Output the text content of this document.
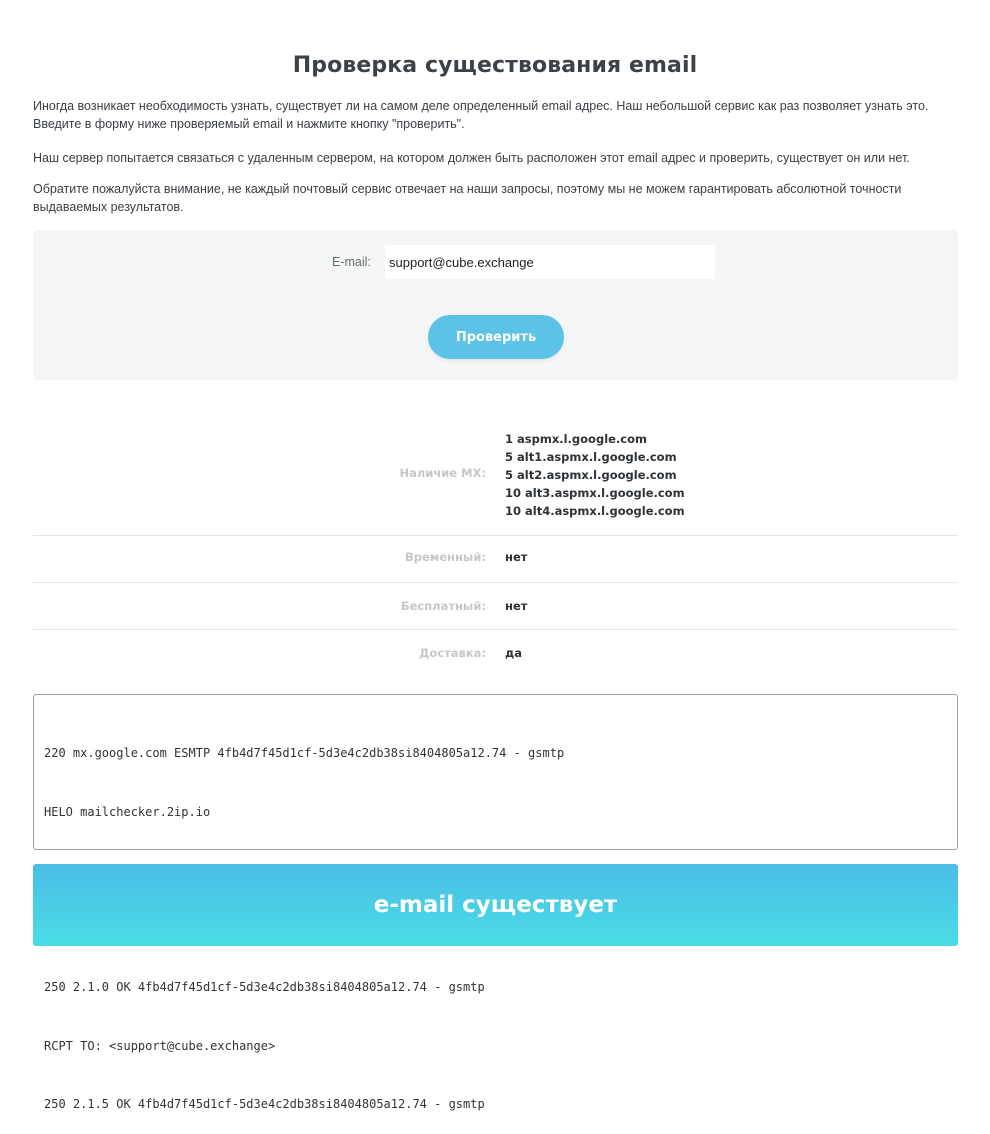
Проверка существования email

Иногда возникает необходимость узнать, существует ли на самом деле определенный email адрес. Наш небольшой сервис как раз позволяет узнать это. Введите в форму ниже проверяемый email и нажмите кнопку "проверить".

Наш сервер попытается связаться с удаленным сервером, на котором должен быть расположен этот email адрес и проверить, существует он или нет.

Обратите пожалуйста внимание, не каждый почтовый сервис отвечает на наши запросы, поэтому мы не можем гарантировать абсолютной точности выдаваемых результатов.

E-mail:
support@cube.exchange
Проверить
Наличие MX:
1 aspmx.l.google.com
5 alt1.aspmx.l.google.com
5 alt2.aspmx.l.google.com
10 alt3.aspmx.l.google.com
10 alt4.aspmx.l.google.com
Временный: нет
Бесплатный: нет
Доставка: да

220 mx.google.com ESMTP 4fb4d7f45d1cf-5d3e4c2db38si8404805a12.74 - gsmtp

HELO mailchecker.2ip.io

250 2.1.0 OK 4fb4d7f45d1cf-5d3e4c2db38si8404805a12.74 - gsmtp

RCPT TO: <support@cube.exchange>

250 2.1.5 OK 4fb4d7f45d1cf-5d3e4c2db38si8404805a12.74 - gsmtp

e-mail существует
